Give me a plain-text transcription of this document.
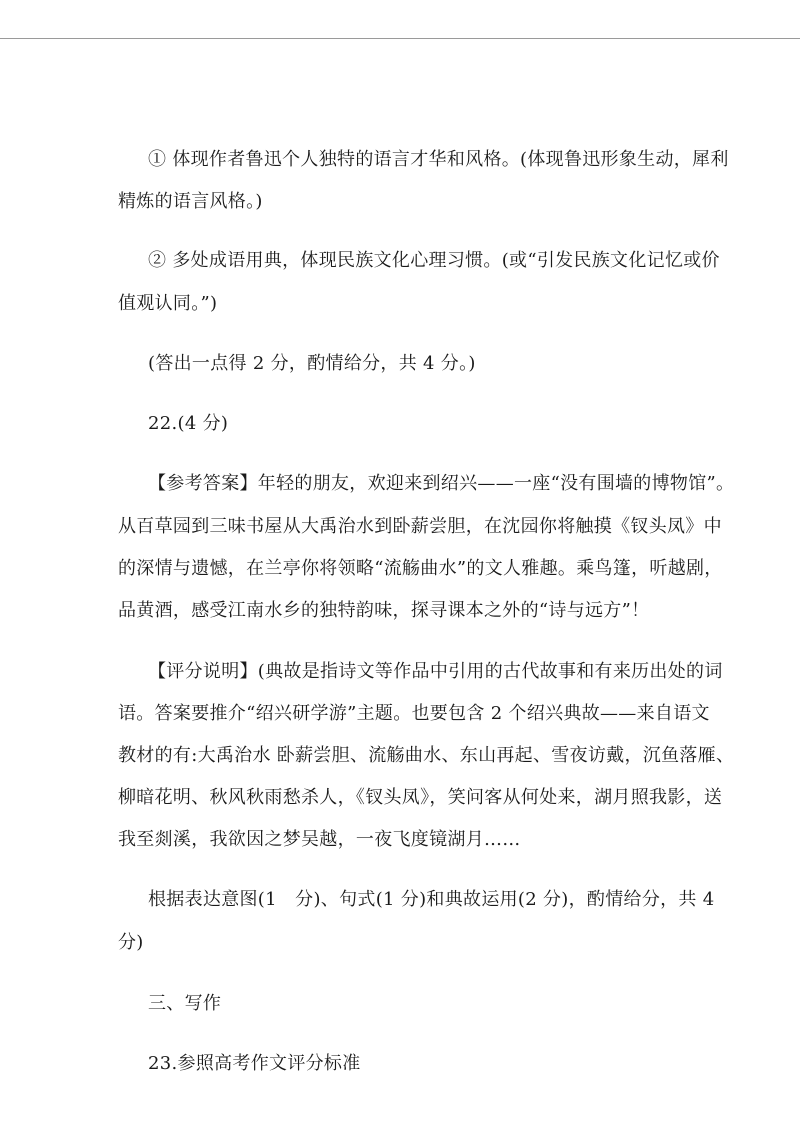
① 体现作者鲁迅个人独特的语言才华和风格。(体现鲁迅形象生动，犀利
精炼的语言风格。)
② 多处成语用典，体现民族文化心理习惯。(或“引发民族文化记忆或价
值观认同。”)
(答出一点得 2 分，酌情给分，共 4 分。)
22.(4 分)
【参考答案】年轻的朋友，欢迎来到绍兴——一座“没有围墙的博物馆”。
从百草园到三味书屋从大禹治水到卧薪尝胆，在沈园你将触摸《钗头凤》中
的深情与遗憾，在兰亭你将领略“流觞曲水”的文人雅趣。乘鸟篷，听越剧，
品黄酒，感受江南水乡的独特韵味，探寻课本之外的“诗与远方”！
【评分说明】(典故是指诗文等作品中引用的古代故事和有来历出处的词
语。答案要推介“绍兴研学游”主题。也要包含 2 个绍兴典故——来自语文
教材的有:大禹治水 卧薪尝胆、流觞曲水、东山再起、雪夜访戴，沉鱼落雁、
柳暗花明、秋风秋雨愁杀人，《钗头凤》，笑问客从何处来，湖月照我影，送
我至剡溪，我欲因之梦吴越，一夜飞度镜湖月……
根据表达意图(1　分)、句式(1 分)和典故运用(2 分)，酌情给分，共 4
分)
三、写作
23.参照高考作文评分标准
